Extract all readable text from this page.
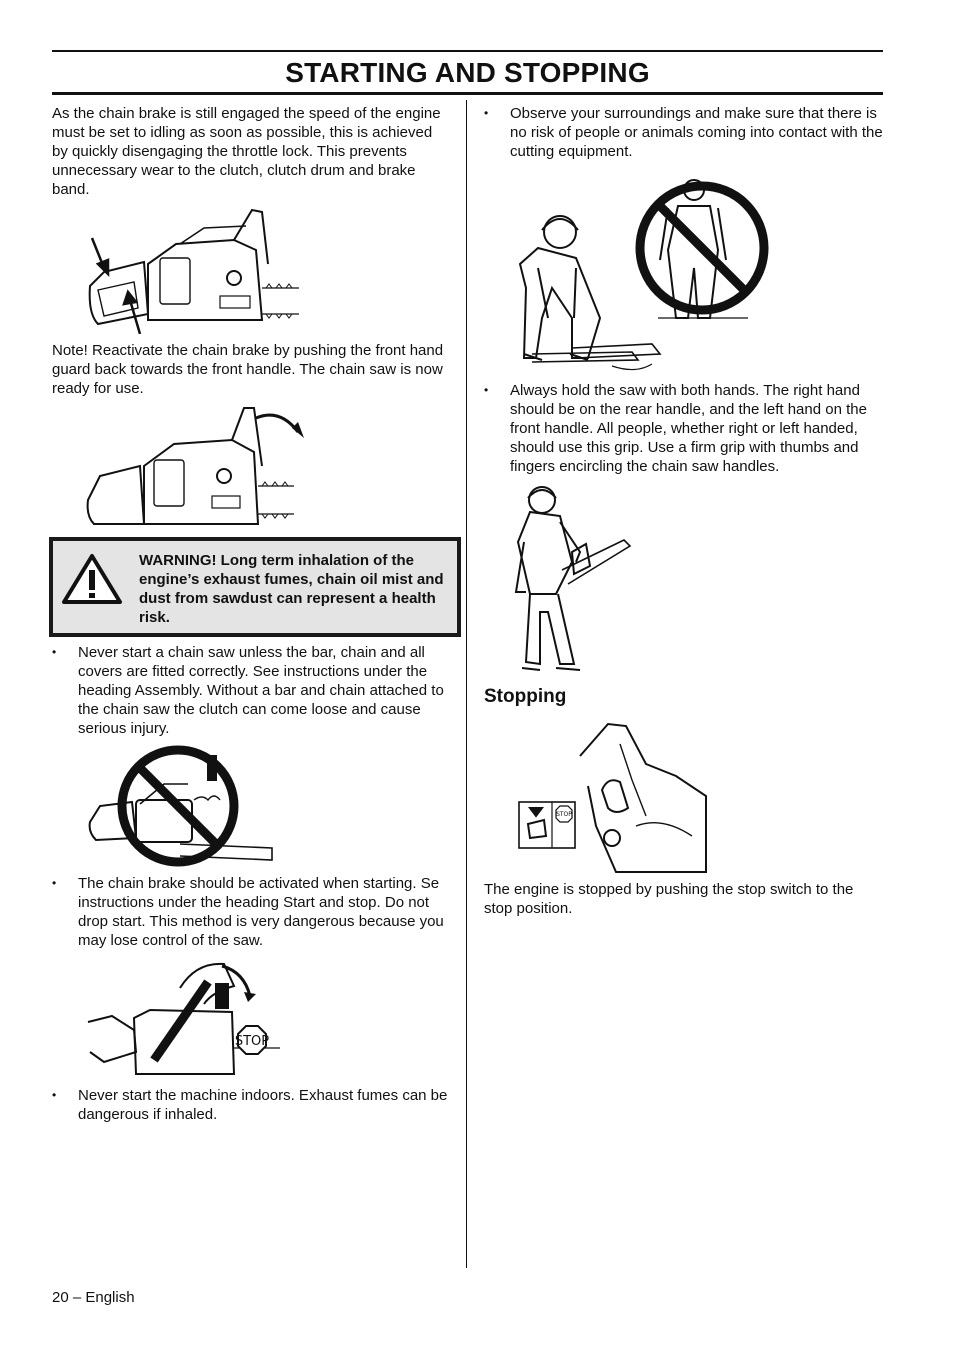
STARTING AND STOPPING

As the chain brake is still engaged the speed of the engine must be set to idling as soon as possible, this is achieved by quickly disengaging the throttle lock. This prevents unnecessary wear to the clutch, clutch drum and brake band.

Note! Reactivate the chain brake by pushing the front hand guard back towards the front handle. The chain saw is now ready for use.

WARNING! Long term inhalation of the engine’s exhaust fumes, chain oil mist and dust from sawdust can represent a health risk.
• Never start a chain saw unless the bar, chain and all covers are fitted correctly. See instructions under the heading Assembly. Without a bar and chain attached to the chain saw the clutch can come loose and cause serious injury.
• The chain brake should be activated when starting. Se instructions under the heading Start and stop. Do not drop start. This method is very dangerous because you may lose control of the saw.
STOP
• Never start the machine indoors. Exhaust fumes can be dangerous if inhaled.
• Observe your surroundings and make sure that there is no risk of people or animals coming into contact with the cutting equipment.
• Always hold the saw with both hands. The right hand should be on the rear handle, and the left hand on the front handle. All people, whether right or left handed, should use this grip. Use a firm grip with thumbs and fingers encircling the chain saw handles.
Stopping
STOP

The engine is stopped by pushing the stop switch to the stop position.

20 – English
